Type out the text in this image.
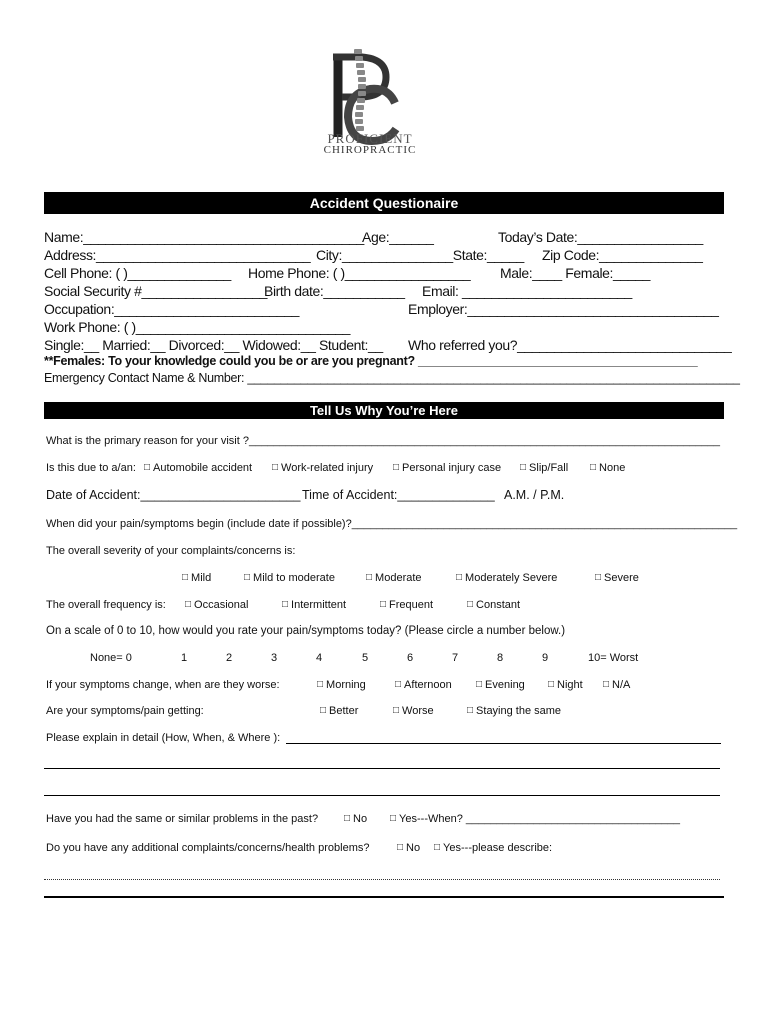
PROFICIENT
CHIROPRACTIC
Accident Questionaire
Name:______________________________________
Age:______	Today’s Date:_________________
Address:_____________________________ City:_______________State:_____ Zip Code:______________
Cell Phone: ( )______________ Home Phone: ( )_________________ Male:____ Female:_____
Social Security #_________________
Birth date:___________ Email: _______________________
Occupation:_________________________	Employer:__________________________________
Work Phone: ( )_____________________________
Single:__ Married:__ Divorced:__ Widowed:__ Student:__ Who referred you?_____________________________
**Females: To your knowledge could you be or are you pregnant? __________________________________________
Emergency Contact Name & Number: __________________________________________________________________________
Tell Us Why You’re Here
What is the primary reason for your visit ?_____________________________________________________________________________
Is this due to a/an: □ Automobile accident □ Work-related injury □ Personal injury case □ Slip/Fall □ None
Date of Accident:_______________________ Time of Accident:______________ A.M. / P.M.
When did your pain/symptoms begin (include date if possible)?_______________________________________________________________
The overall severity of your complaints/concerns is:
□ Mild	□ Mild to moderate	□ Moderate	□ Moderately Severe	□ Severe
The overall frequency is: □ Occasional	□ Intermittent	□ Frequent	□ Constant
On a scale of 0 to 10, how would you rate your pain/symptoms today? (Please circle a number below.)
None= 0	1	2	3	4	5	6	7	8	9	10= Worst
If your symptoms change, when are they worse:	□ Morning	□ Afternoon □ Evening □ Night □ N/A
Are your symptoms/pain getting:	□ Better	□ Worse	□ Staying the same
Please explain in detail (How, When, & Where ):
Have you had the same or similar problems in the past?	□ No □ Yes---When? ___________________________________
Do you have any additional complaints/concerns/health problems?	□ No □ Yes---please describe:
